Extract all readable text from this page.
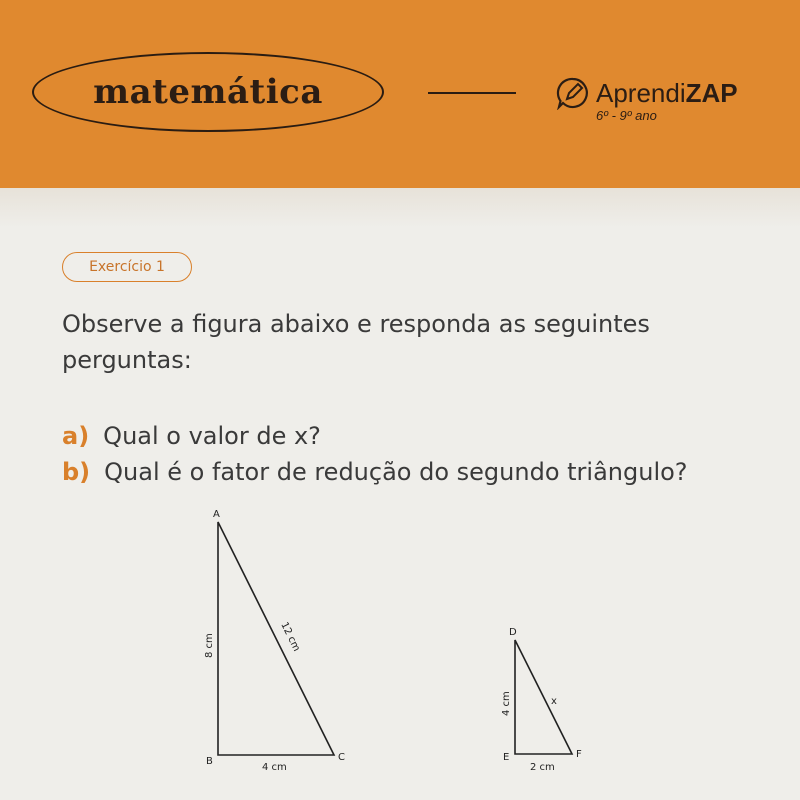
matemática	AprendiZAP
6º - 9º ano
Exercício 1
Observe a figura abaixo e responda as seguintes perguntas:
a) Qual o valor de x?
b) Qual é o fator de redução do segundo triângulo?
A
B	C
8 cm
4 cm
12 cm	D
E	F
4 cm
2 cm
x
